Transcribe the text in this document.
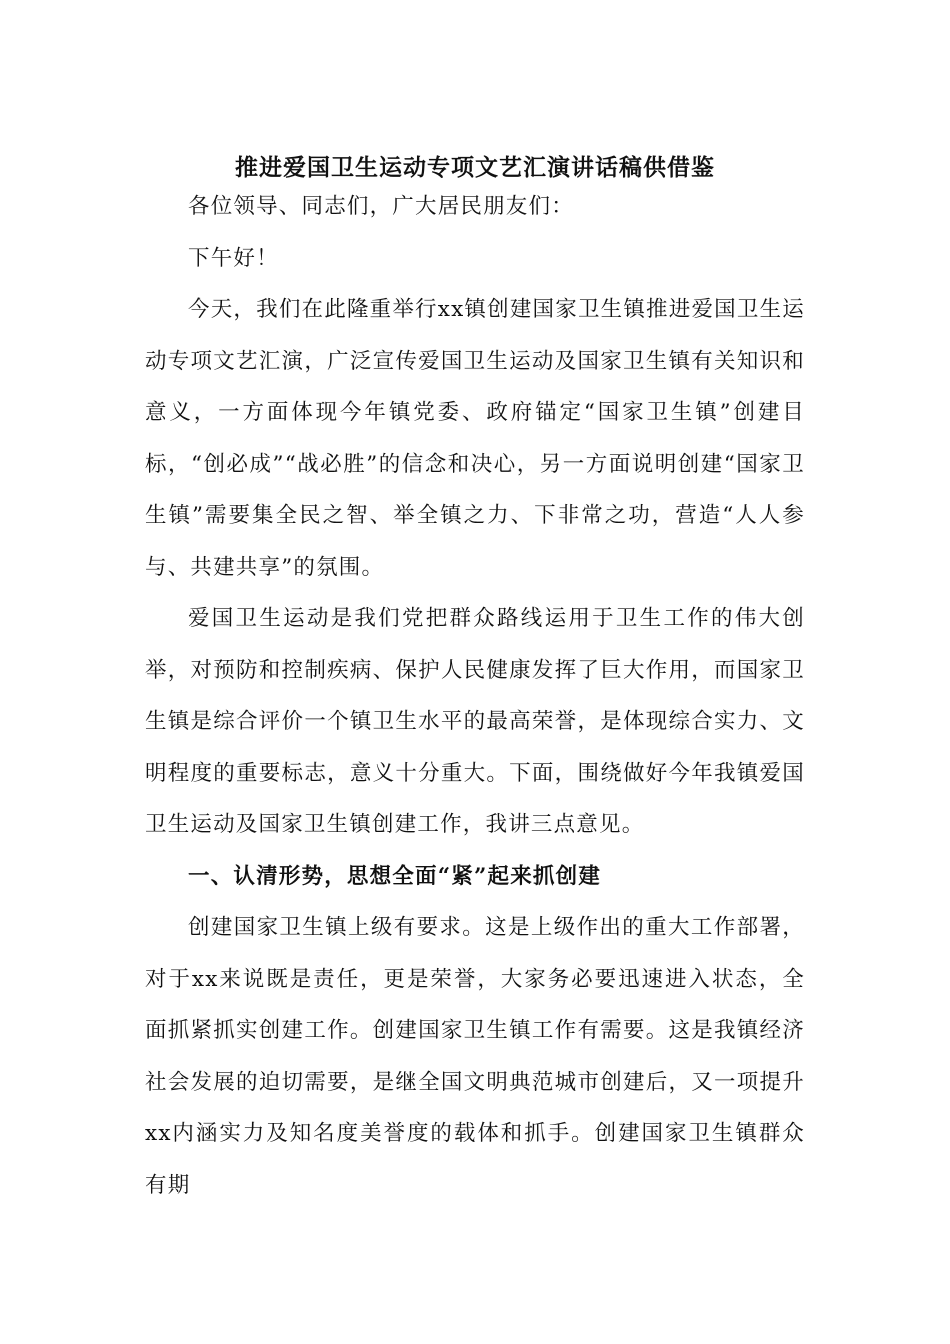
推进爱国卫生运动专项文艺汇演讲话稿供借鉴

各位领导、同志们，广大居民朋友们：

下午好！

今天，我们在此隆重举行xx镇创建国家卫生镇推进爱国卫生运动专项文艺汇演，广泛宣传爱国卫生运动及国家卫生镇有关知识和意义，一方面体现今年镇党委、政府锚定“国家卫生镇”创建目标，“创必成”“战必胜”的信念和决心，另一方面说明创建“国家卫生镇”需要集全民之智、举全镇之力、下非常之功，营造“人人参与、共建共享”的氛围。

爱国卫生运动是我们党把群众路线运用于卫生工作的伟大创举，对预防和控制疾病、保护人民健康发挥了巨大作用，而国家卫生镇是综合评价一个镇卫生水平的最高荣誉，是体现综合实力、文明程度的重要标志，意义十分重大。下面，围绕做好今年我镇爱国卫生运动及国家卫生镇创建工作，我讲三点意见。

一、认清形势，思想全面“紧”起来抓创建

创建国家卫生镇上级有要求。这是上级作出的重大工作部署，对于xx来说既是责任，更是荣誉，大家务必要迅速进入状态，全面抓紧抓实创建工作。创建国家卫生镇工作有需要。这是我镇经济社会发展的迫切需要，是继全国文明典范城市创建后，又一项提升xx内涵实力及知名度美誉度的载体和抓手。创建国家卫生镇群众有期
